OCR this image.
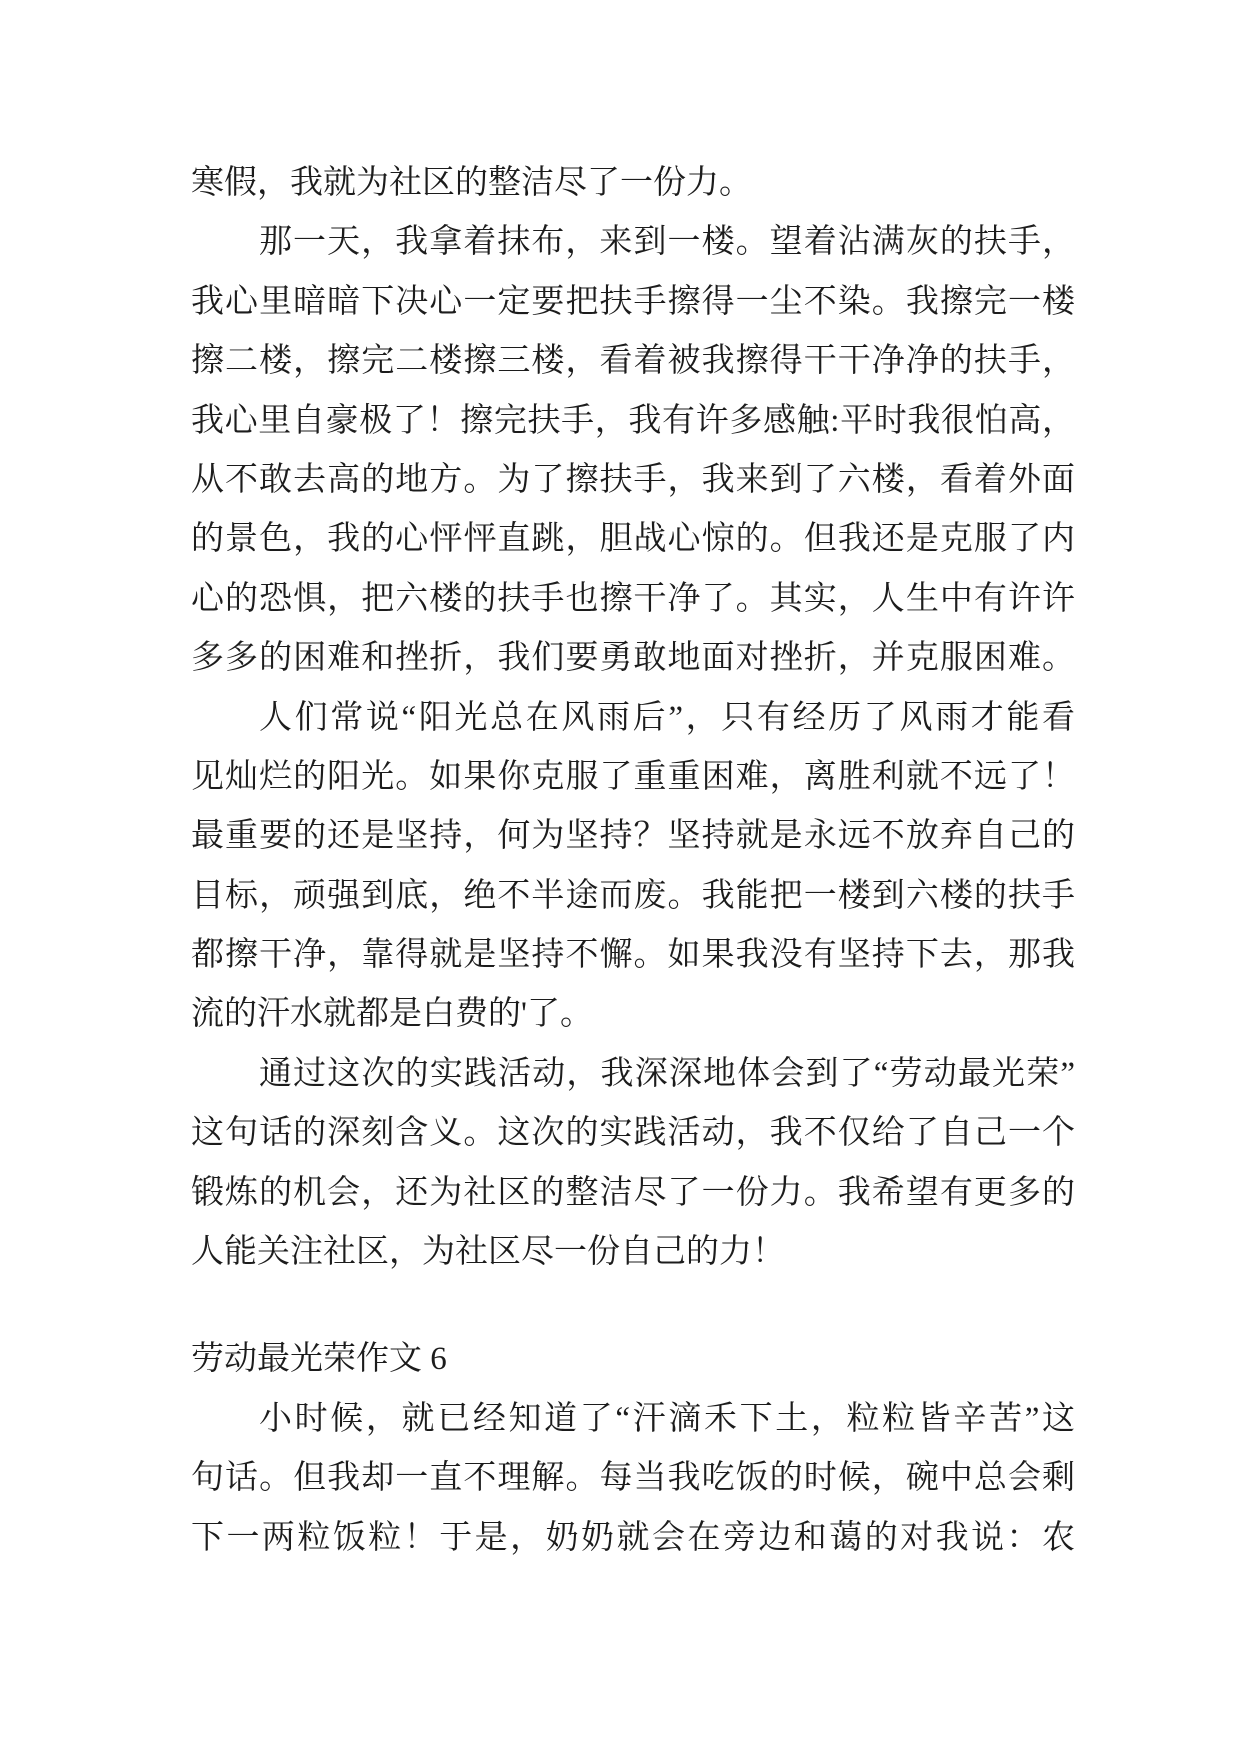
寒假，我就为社区的整洁尽了一份力。
那一天，我拿着抹布，来到一楼。望着沾满灰的扶手，
我心里暗暗下决心一定要把扶手擦得一尘不染。我擦完一楼
擦二楼，擦完二楼擦三楼，看着被我擦得干干净净的扶手，
我心里自豪极了！擦完扶手，我有许多感触:平时我很怕高，
从不敢去高的地方。为了擦扶手，我来到了六楼，看着外面
的景色，我的心怦怦直跳，胆战心惊的。但我还是克服了内
心的恐惧，把六楼的扶手也擦干净了。其实，人生中有许许
多多的困难和挫折，我们要勇敢地面对挫折，并克服困难。
人们常说“阳光总在风雨后”，只有经历了风雨才能看
见灿烂的阳光。如果你克服了重重困难，离胜利就不远了！
最重要的还是坚持，何为坚持？坚持就是永远不放弃自己的
目标，顽强到底，绝不半途而废。我能把一楼到六楼的扶手
都擦干净，靠得就是坚持不懈。如果我没有坚持下去，那我
流的汗水就都是白费的'了。
通过这次的实践活动，我深深地体会到了“劳动最光荣”
这句话的深刻含义。这次的实践活动，我不仅给了自己一个
锻炼的机会，还为社区的整洁尽了一份力。我希望有更多的
人能关注社区，为社区尽一份自己的力！
劳动最光荣作文 6
小时候，就已经知道了“汗滴禾下土，粒粒皆辛苦”这
句话。但我却一直不理解。每当我吃饭的时候，碗中总会剩
下一两粒饭粒！于是，奶奶就会在旁边和蔼的对我说：农
